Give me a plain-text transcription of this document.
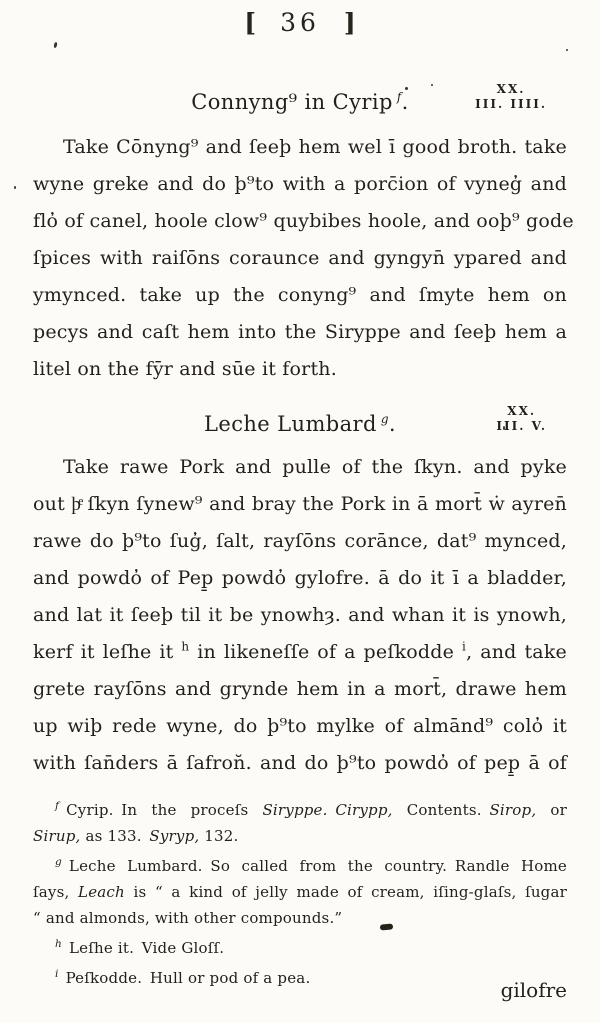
[ 36 ]
Connyng⁹ in Cyrip $^f$.
XX.
III. IIII.
Take Cōnyng⁹ and ſeeþ hem wel ī good broth. take
wyne greke and do þ⁹to with a porc̄ion of vyneg̓ and
flo̓ of canel, hoole clow⁹ quybibes hoole, and ooþ⁹ gode
ſpices with raiſōns coraunce and gyngyn̄ ypared and
ymynced. take up the conyng⁹ and ſmyte hem on
pecys and caſt hem into the Siryppe and ſeeþ hem a
litel on the fȳr and sūe it forth.
Leche Lumbard $^g$.
XX.
III. V.
Take rawe Pork and pulle of the ſkyn. and pyke
out þͤ ſkyn ſynew⁹ and bray the Pork in ā mort̄ ẇ ayren̄
rawe do þ⁹to ſug̓, ſalt, rayſōns corānce, dat⁹ mynced,
and powdo̓ of Pep̱ powdo̓ gylofre. ā do it ī a bladder,
and lat it ſeeþ til it be ynowhȝ. and whan it is ynowh,
kerf it leſhe it $^h$ in likeneſſe of a peſkodde $^i$, and take
grete rayſōns and grynde hem in a mort̄, drawe hem
up wiþ rede wyne, do þ⁹to mylke of almānd⁹ colo̓ it
with ſan̄ders ā ſafron̆. and do þ⁹to powdo̓ of pep̱ ā of
$^f$ Cyrip. In the proceſs Siryppe.  Cirypp, Contents. Sirop, or
Sirup, as 133. Syryp, 132.
$^g$ Leche Lumbard. So called from the country. Randle Home
ſays, Leach is “ a kind of jelly made of cream, iſing-glaſs, ſugar
“ and almonds, with other compounds.”
$^h$ Leſhe it. Vide Gloſſ.
$^i$ Peſkodde. Hull or pod of a pea.	gilofre
